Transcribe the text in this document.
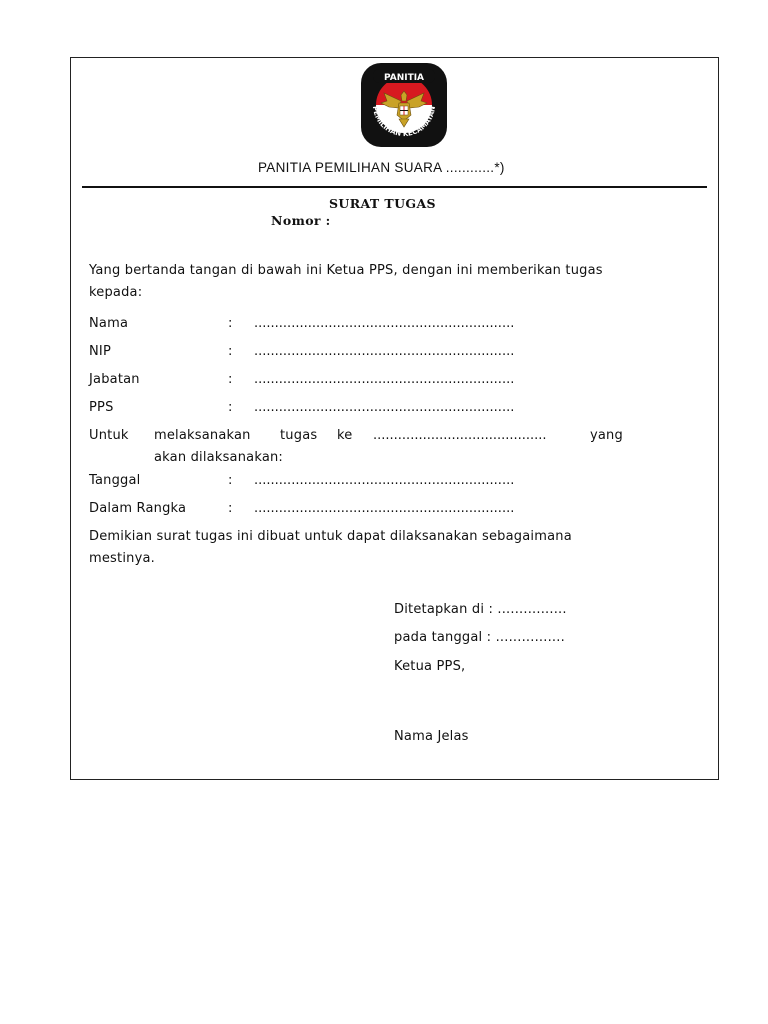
PANITIA
PEMILIHAN KECAMATAN
PANITIA PEMILIHAN SUARA ............*)
SURAT TUGAS
Nomor :
Yang bertanda tangan di bawah ini Ketua PPS, dengan ini memberikan tugas
kepada:
Nama	: ...............................................................
NIP	: ...............................................................
Jabatan	: ...............................................................
PPS	: ...............................................................
Untuk melaksanakan tugas ke ..........................................	yang
akan dilaksanakan:
Tanggal	: ...............................................................
Dalam Rangka	: ...............................................................
Demikian surat tugas ini dibuat untuk dapat dilaksanakan sebagaimana
mestinya.
Ditetapkan di : ................
pada tanggal : ................
Ketua PPS,
Nama Jelas
